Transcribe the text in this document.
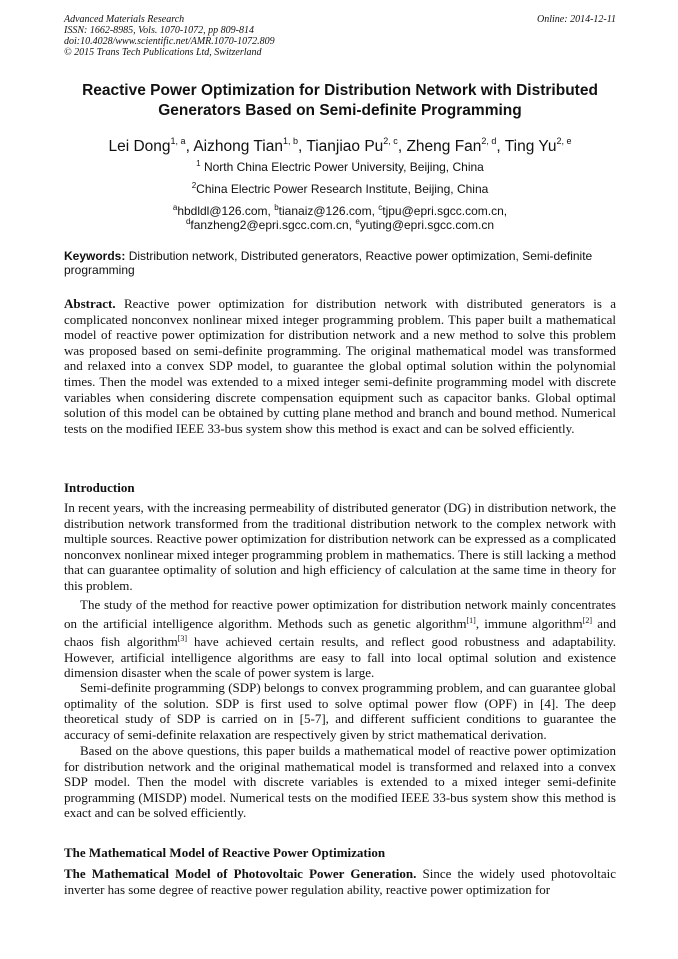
Advanced Materials Research
ISSN: 1662-8985, Vols. 1070-1072, pp 809-814
doi:10.4028/www.scientific.net/AMR.1070-1072.809
© 2015 Trans Tech Publications Ltd, Switzerland
Online: 2014-12-11
Reactive Power Optimization for Distribution Network with Distributed
Generators Based on Semi-definite Programming
Lei Dong$^{1, a}$, Aizhong Tian$^{1, b}$, Tianjiao Pu$^{2, c}$, Zheng Fan$^{2, d}$, Ting Yu$^{2, e}$
$^1$ North China Electric Power University, Beijing, China
$^2$China Electric Power Research Institute, Beijing, China
$^a$hbdldl@126.com, $^b$tianaiz@126.com, $^c$tjpu@epri.sgcc.com.cn,
$^d$fanzheng2@epri.sgcc.com.cn, $^e$yuting@epri.sgcc.com.cn
Keywords: Distribution network, Distributed generators, Reactive power optimization, Semi-definite programming
Abstract. Reactive power optimization for distribution network with distributed generators is a complicated nonconvex nonlinear mixed integer programming problem. This paper built a mathematical model of reactive power optimization for distribution network and a new method to solve this problem was proposed based on semi-definite programming. The original mathematical model was transformed and relaxed into a convex SDP model, to guarantee the global optimal solution within the polynomial times. Then the model was extended to a mixed integer semi-definite programming model with discrete variables when considering discrete compensation equipment such as capacitor banks. Global optimal solution of this model can be obtained by cutting plane method and branch and bound method. Numerical tests on the modified IEEE 33-bus system show this method is exact and can be solved efficiently.
Introduction
In recent years, with the increasing permeability of distributed generator (DG) in distribution network, the distribution network transformed from the traditional distribution network to the complex network with multiple sources. Reactive power optimization for distribution network can be expressed as a complicated nonconvex nonlinear mixed integer programming problem in mathematics. There is still lacking a method that can guarantee optimality of solution and high efficiency of calculation at the same time in theory for this problem.
The study of the method for reactive power optimization for distribution network mainly concentrates on the artificial intelligence algorithm. Methods such as genetic algorithm[1], immune algorithm[2] and chaos fish algorithm[3] have achieved certain results, and reflect good robustness and adaptability. However, artificial intelligence algorithms are easy to fall into local optimal solution and existence dimension disaster when the scale of power system is large.
Semi-definite programming (SDP) belongs to convex programming problem, and can guarantee global optimality of the solution. SDP is first used to solve optimal power flow (OPF) in [4]. The deep theoretical study of SDP is carried on in [5-7], and different sufficient conditions to guarantee the accuracy of semi-definite relaxation are respectively given by strict mathematical derivation.
Based on the above questions, this paper builds a mathematical model of reactive power optimization for distribution network and the original mathematical model is transformed and relaxed into a convex SDP model. Then the model with discrete variables is extended to a mixed integer semi-definite programming (MISDP) model. Numerical tests on the modified IEEE 33-bus system show this method is exact and can be solved efficiently.
The Mathematical Model of Reactive Power Optimization
The Mathematical Model of Photovoltaic Power Generation. Since the widely used photovoltaic inverter has some degree of reactive power regulation ability, reactive power optimization for
